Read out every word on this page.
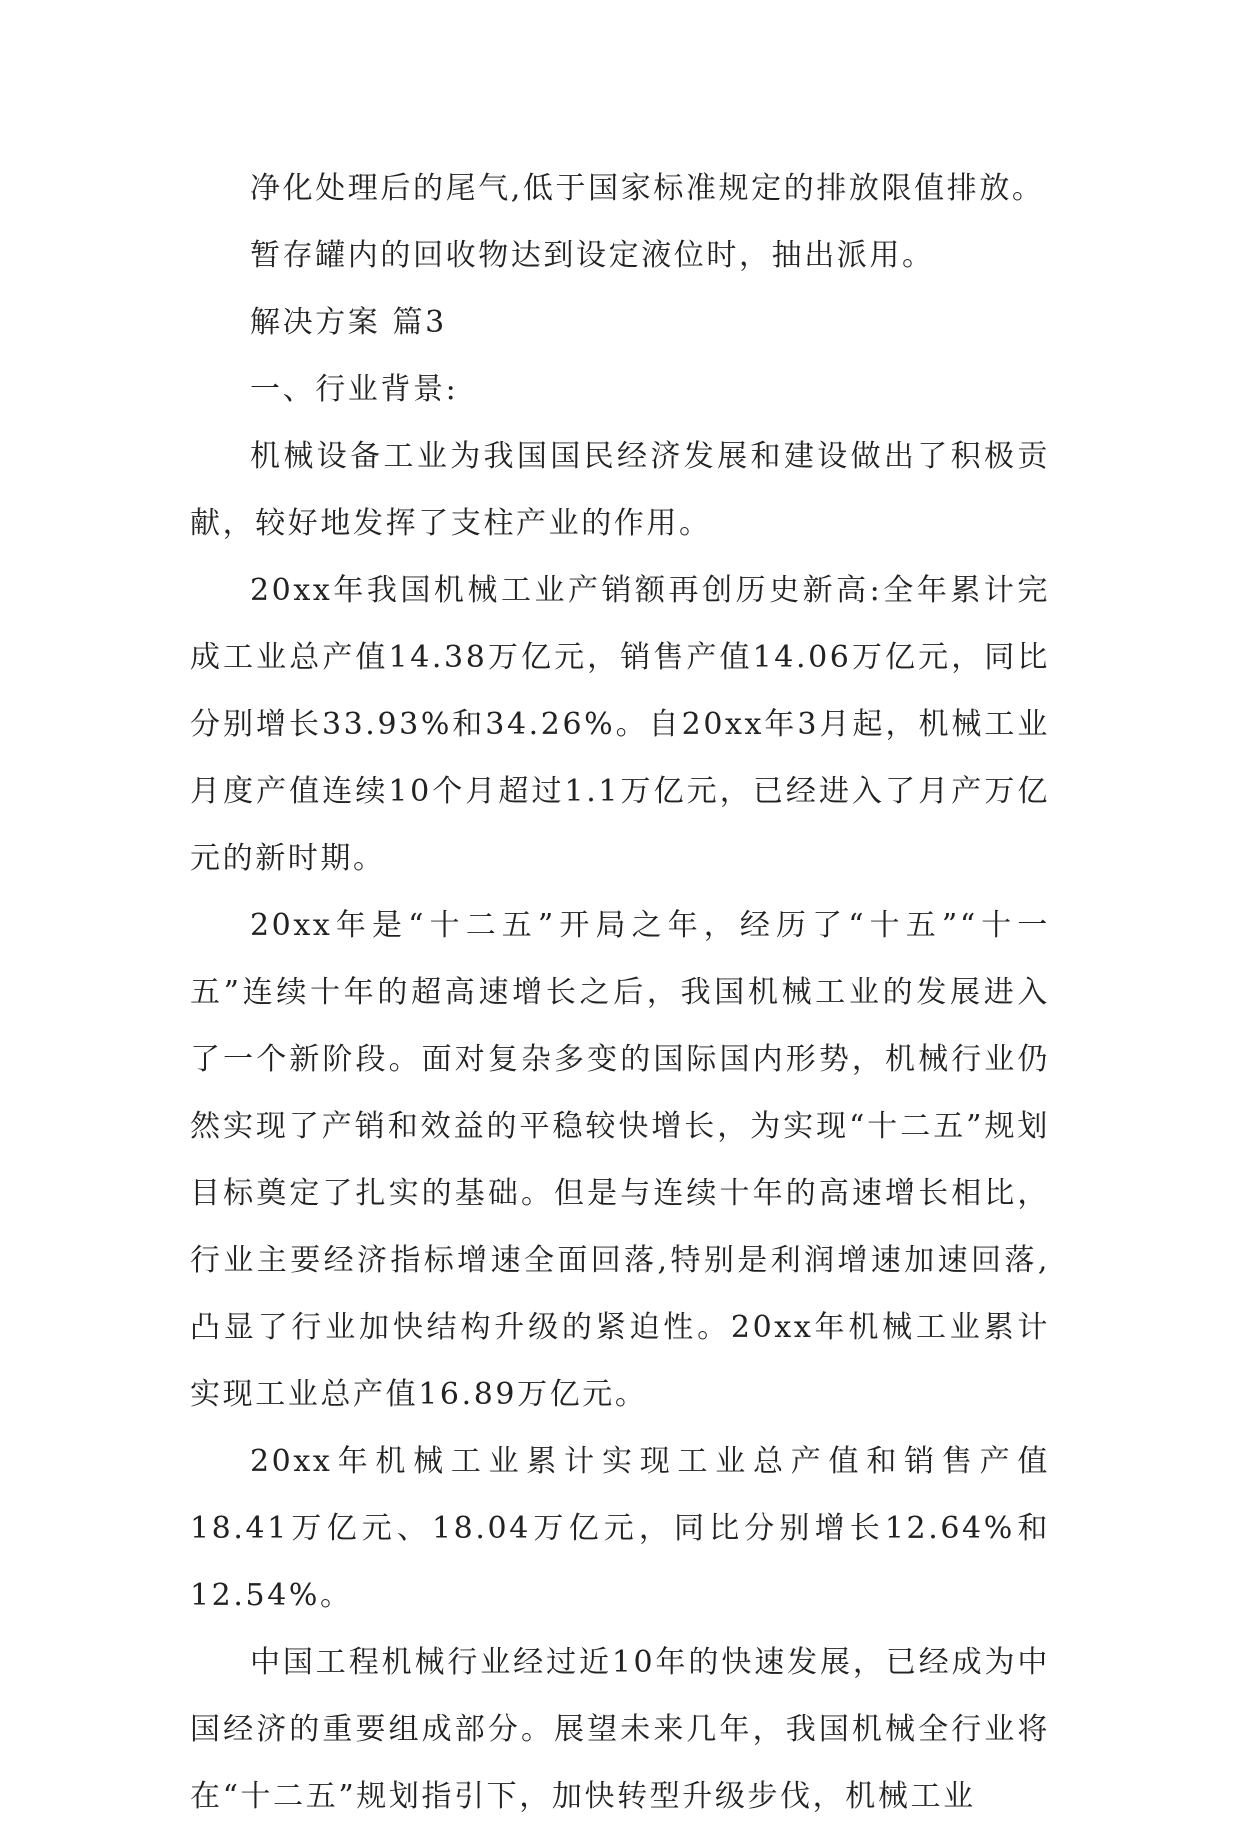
净化处理后的尾气,低于国家标准规定的排放限值排放。

暂存罐内的回收物达到设定液位时，抽出派用。

解决方案 篇3

一、行业背景:

机械设备工业为我国国民经济发展和建设做出了积极贡献，较好地发挥了支柱产业的作用。

20xx年我国机械工业产销额再创历史新高:全年累计完成工业总产值14.38万亿元，销售产值14.06万亿元，同比分别增长33.93%和34.26%。自20xx年3月起，机械工业月度产值连续10个月超过1.1万亿元，已经进入了月产万亿元的新时期。

20xx年是“十二五”开局之年，经历了“十五”“十一五”连续十年的超高速增长之后，我国机械工业的发展进入了一个新阶段。面对复杂多变的国际国内形势，机械行业仍然实现了产销和效益的平稳较快增长，为实现“十二五”规划目标奠定了扎实的基础。但是与连续十年的高速增长相比，行业主要经济指标增速全面回落,特别是利润增速加速回落,凸显了行业加快结构升级的紧迫性。20xx年机械工业累计实现工业总产值16.89万亿元。

20xx年机械工业累计实现工业总产值和销售产值18.41万亿元、18.04万亿元，同比分别增长12.64%和12.54%。

中国工程机械行业经过近10年的快速发展，已经成为中国经济的重要组成部分。展望未来几年，我国机械全行业将在“十二五”规划指引下，加快转型升级步伐，机械工业
